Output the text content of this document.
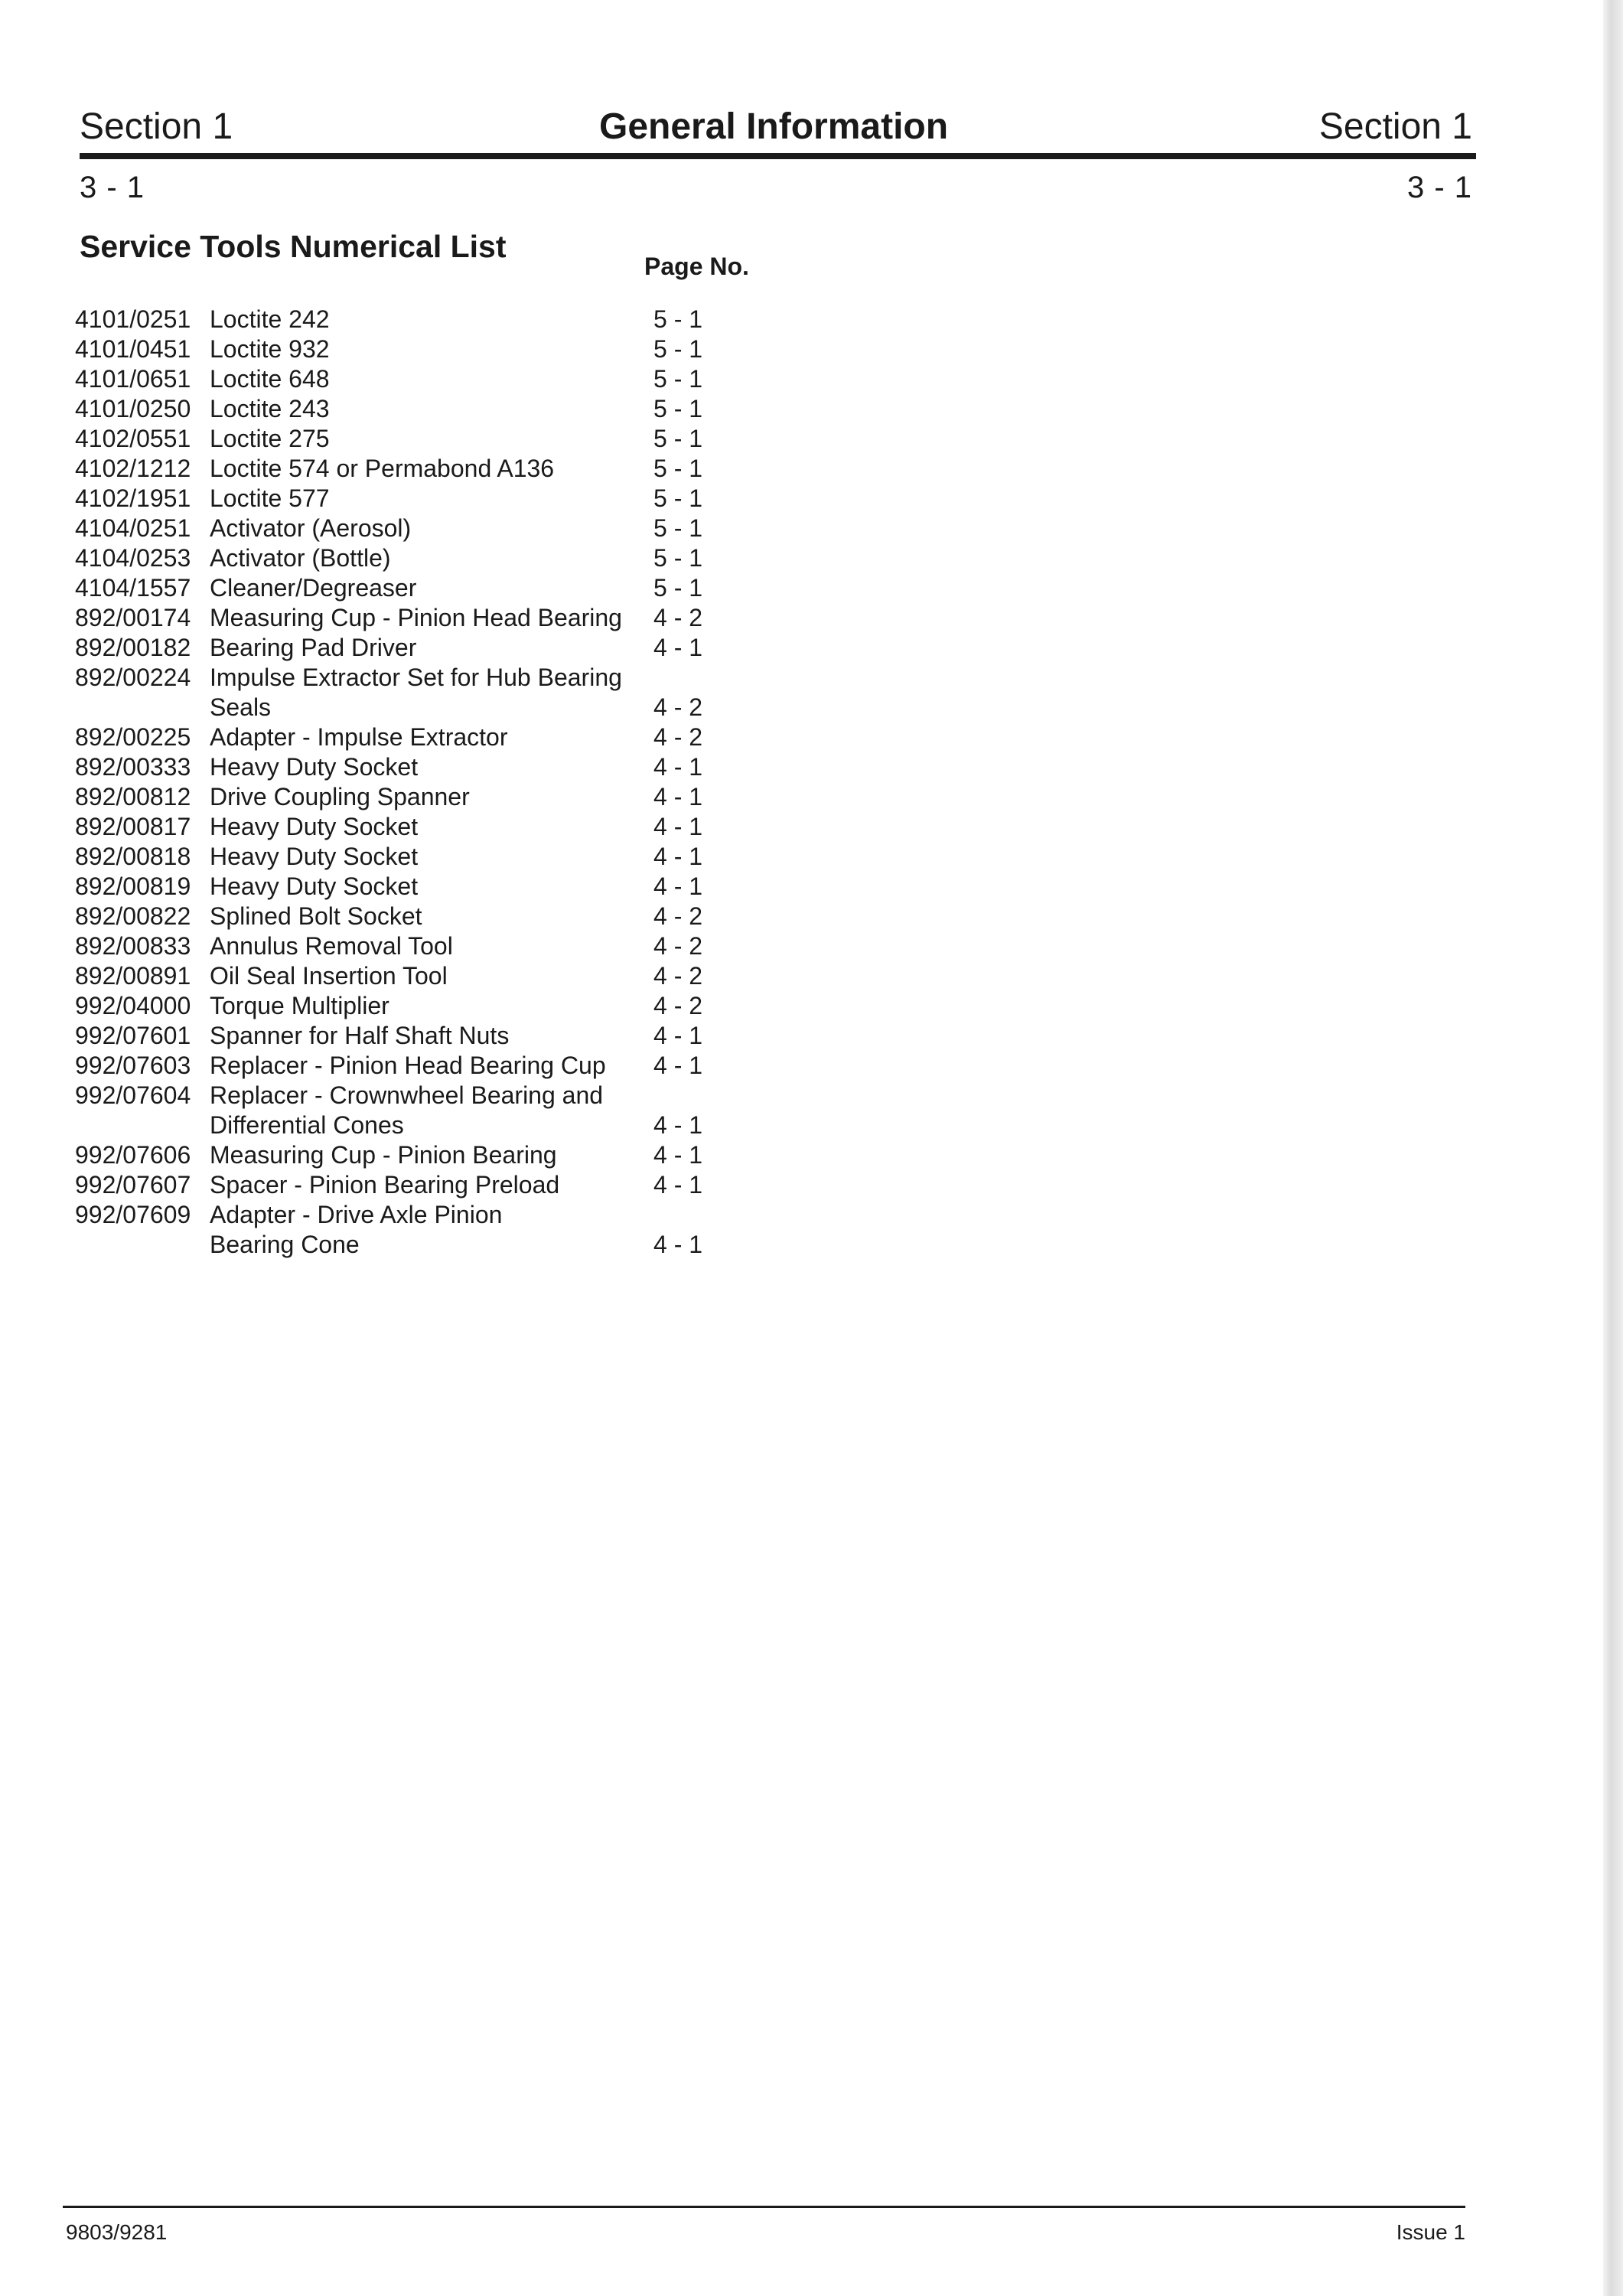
Section 1	General Information	Section 1
3 - 1	3 - 1
Service Tools Numerical List
Page No.
4101/0251 Loctite 242	5 - 1
4101/0451 Loctite 932	5 - 1
4101/0651 Loctite 648	5 - 1
4101/0250 Loctite 243	5 - 1
4102/0551 Loctite 275	5 - 1
4102/1212 Loctite 574 or Permabond A136	5 - 1
4102/1951 Loctite 577	5 - 1
4104/0251 Activator (Aerosol)	5 - 1
4104/0253 Activator (Bottle)	5 - 1
4104/1557 Cleaner/Degreaser	5 - 1
892/00174 Measuring Cup - Pinion Head Bearing	4 - 2
892/00182 Bearing Pad Driver	4 - 1
892/00224 Impulse Extractor Set for Hub Bearing
Seals	4 - 2
892/00225 Adapter - Impulse Extractor	4 - 2
892/00333 Heavy Duty Socket	4 - 1
892/00812 Drive Coupling Spanner	4 - 1
892/00817 Heavy Duty Socket	4 - 1
892/00818 Heavy Duty Socket	4 - 1
892/00819 Heavy Duty Socket	4 - 1
892/00822 Splined Bolt Socket	4 - 2
892/00833 Annulus Removal Tool	4 - 2
892/00891 Oil Seal Insertion Tool	4 - 2
992/04000 Torque Multiplier	4 - 2
992/07601 Spanner for Half Shaft Nuts	4 - 1
992/07603 Replacer - Pinion Head Bearing Cup	4 - 1
992/07604 Replacer - Crownwheel Bearing and
Differential Cones	4 - 1
992/07606 Measuring Cup - Pinion Bearing	4 - 1
992/07607 Spacer - Pinion Bearing Preload	4 - 1
992/07609 Adapter - Drive Axle Pinion
Bearing Cone	4 - 1
9803/9281	Issue 1
